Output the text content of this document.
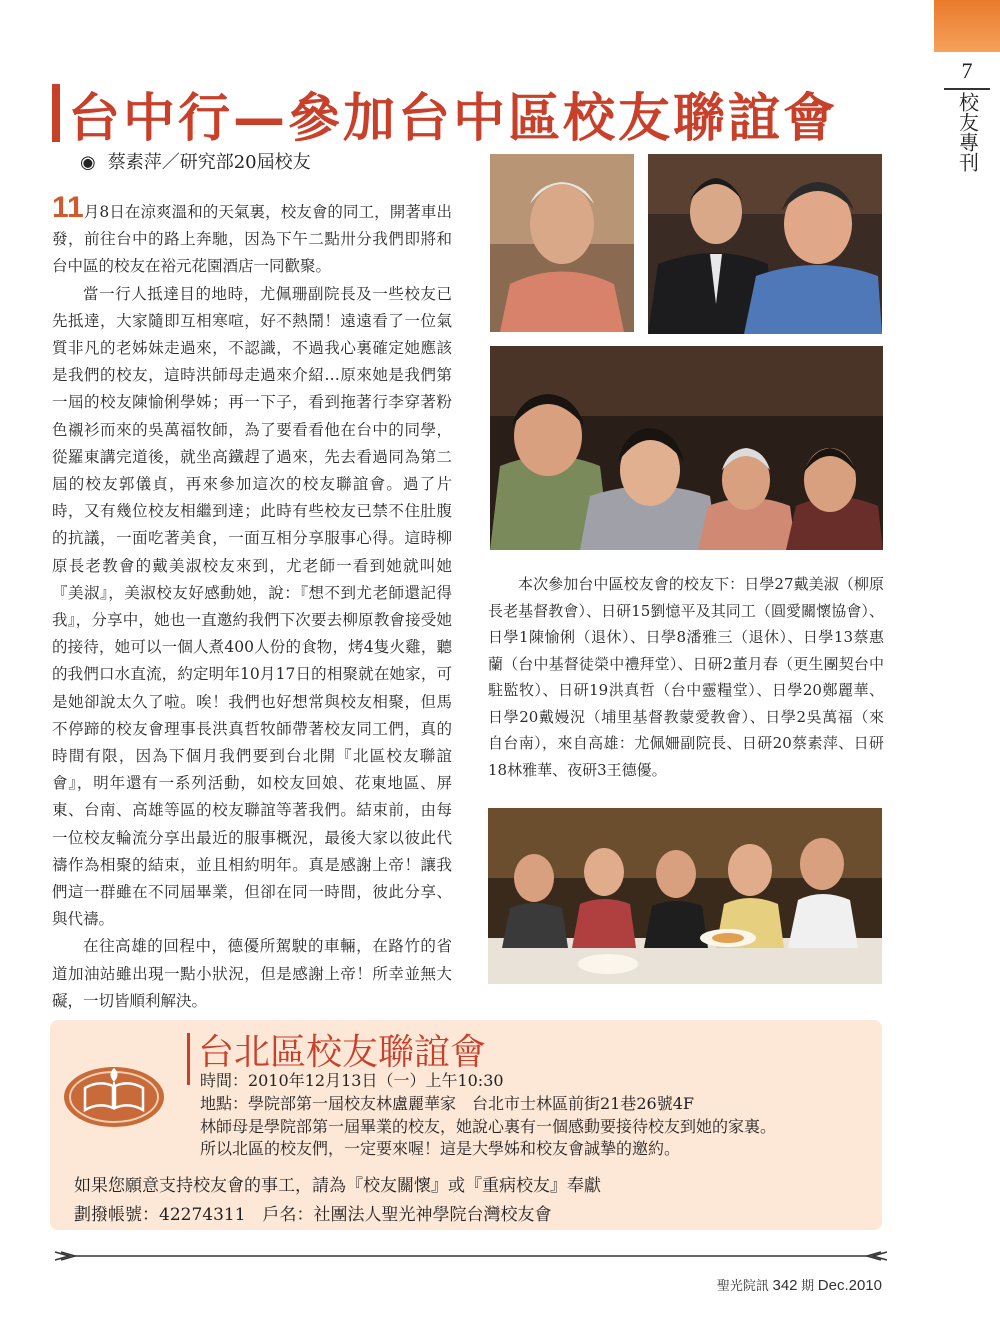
7
校友專刊
台中行—參加台中區校友聯誼會
◉ 蔡素萍／研究部20屆校友

11月8日在涼爽溫和的天氣裏，校友會的同工，開著車出發，前往台中的路上奔馳，因為下午二點卅分我們即將和台中區的校友在裕元花園酒店一同歡聚。

當一行人抵達目的地時，尤佩珊副院長及一些校友已先抵達，大家隨即互相寒喧，好不熱鬧！遠遠看了一位氣質非凡的老姊妹走過來，不認識，不過我心裏確定她應該是我們的校友，這時洪師母走過來介紹…原來她是我們第一屆的校友陳愉俐學姊；再一下子，看到拖著行李穿著粉色襯衫而來的吳萬福牧師，為了要看看他在台中的同學，從羅東講完道後，就坐高鐵趕了過來，先去看過同為第二屆的校友郭儀貞，再來參加這次的校友聯誼會。過了片時，又有幾位校友相繼到達；此時有些校友已禁不住肚腹的抗議，一面吃著美食，一面互相分享服事心得。這時柳原長老教會的戴美淑校友來到，尤老師一看到她就叫她『美淑』，美淑校友好感動她，說：『想不到尤老師還記得我』，分享中，她也一直邀約我們下次要去柳原教會接受她的接待，她可以一個人煮400人份的食物，烤4隻火雞，聽的我們口水直流，約定明年10月17日的相聚就在她家，可是她卻說太久了啦。唉！我們也好想常與校友相聚，但馬不停蹄的校友會理事長洪真哲牧師帶著校友同工們，真的時間有限，因為下個月我們要到台北開『北區校友聯誼會』，明年還有一系列活動，如校友回娘、花東地區、屏東、台南、高雄等區的校友聯誼等著我們。結束前，由每一位校友輪流分享出最近的服事概況，最後大家以彼此代禱作為相聚的結束，並且相約明年。真是感謝上帝！讓我們這一群雖在不同屆畢業，但卻在同一時間，彼此分享、與代禱。

在往高雄的回程中，德優所駕駛的車輛，在路竹的省道加油站雖出現一點小狀況，但是感謝上帝！所幸並無大礙，一切皆順利解決。

本次參加台中區校友會的校友下：日學27戴美淑（柳原長老基督教會）、日研15劉憶平及其同工（圓愛關懷協會）、日學1陳愉俐（退休）、日學8潘雅三（退休）、日學13蔡惠蘭（台中基督徒榮中禮拜堂）、日研2董月春（更生團契台中駐監牧）、日研19洪真哲（台中靈糧堂）、日學20鄭麗華、日學20戴嫚況（埔里基督教蒙愛教會）、日學2吳萬福（來自台南），來自高雄：尤佩姍副院長、日研20蔡素萍、日研18林雅華、夜研3王德優。

台北區校友聯誼會
時間：2010年12月13日（一）上午10:30
地點：學院部第一屆校友林盧麗華家　台北市士林區前街21巷26號4F
林師母是學院部第一屆畢業的校友，她說心裏有一個感動要接待校友到她的家裏。
所以北區的校友們，一定要來喔！這是大學姊和校友會誠摯的邀約。
如果您願意支持校友會的事工，請為『校友關懷』或『重病校友』奉獻
劃撥帳號：42274311　戶名：社團法人聖光神學院台灣校友會
聖光院訊 342 期 Dec.2010
